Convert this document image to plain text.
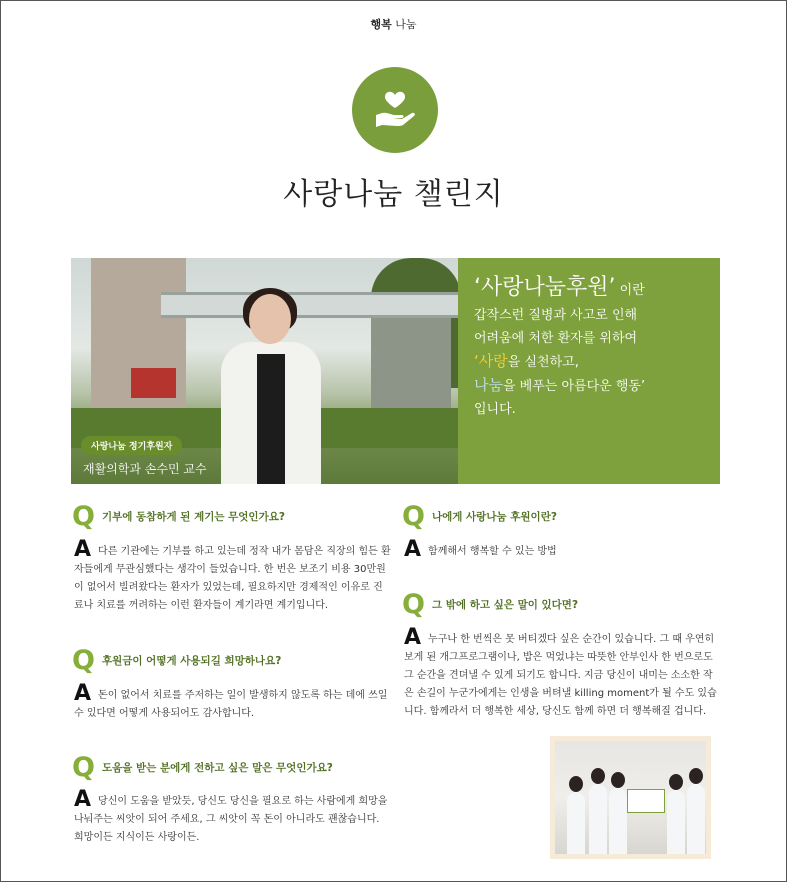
행복 나눔
사랑나눔 챌린지
사랑나눔 정기후원자
재활의학과 손수민 교수
‘사랑나눔후원’ 이란
갑작스런 질병과 사고로 인해
어려움에 처한 환자를 위하여
‘사랑을 실천하고,
나눔을 베푸는 아름다운 행동’
입니다.
Q 기부에 동참하게 된 계기는 무엇인가요?
A다른 기관에는 기부를 하고 있는데 정작 내가 몸담은 직장의 힘든 환자들에게 무관심했다는 생각이 들었습니다. 한 번은 보조기 비용 30만원이 없어서 빌려왔다는 환자가 있었는데, 필요하지만 경제적인 이유로 진료나 치료를 꺼려하는 이런 환자들이 계기라면 계기입니다.
Q 후원금이 어떻게 사용되길 희망하나요?
A돈이 없어서 치료를 주저하는 일이 발생하지 않도록 하는 데에 쓰일 수 있다면 어떻게 사용되어도 감사합니다.
Q 도움을 받는 분에게 전하고 싶은 말은 무엇인가요?
A당신이 도움을 받았듯, 당신도 당신을 필요로 하는 사람에게 희망을 나눠주는 씨앗이 되어 주세요, 그 씨앗이 꼭 돈이 아니라도 괜찮습니다. 희망이든 지식이든 사랑이든.
Q 나에게 사랑나눔 후원이란?
A함께해서 행복할 수 있는 방법
Q 그 밖에 하고 싶은 말이 있다면?
A누구나 한 번씩은 못 버티겠다 싶은 순간이 있습니다. 그 때 우연히 보게 된 개그프로그램이나, 밥은 먹었냐는 따뜻한 안부인사 한 번으로도 그 순간을 견뎌낼 수 있게 되기도 합니다. 지금 당신이 내미는 소소한 작은 손길이 누군가에게는 인생을 버텨낼 killing moment가 될 수도 있습니다. 함께라서 더 행복한 세상, 당신도 함께 하면 더 행복해질 겁니다.
